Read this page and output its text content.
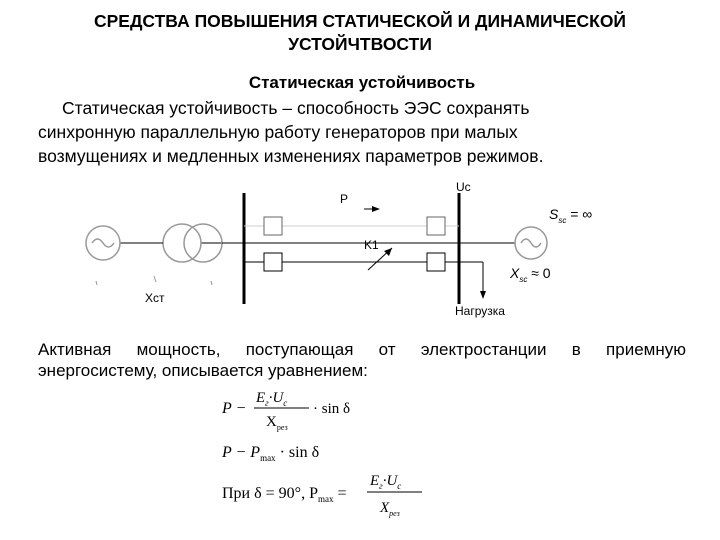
СРЕДСТВА ПОВЫШЕНИЯ СТАТИЧЕСКОЙ И ДИНАМИЧЕСКОЙ
УСТОЙЧТВОСТИ
Статическая устойчивость
Статическая устойчивость – способность ЭЭС сохранять
синхронную параллельную работу генераторов при малых
возмущениях и медленных изменениях параметров режимов.
P
Uc
K1
Xст
Нагрузка
$S_{sc}$ = ∞
$X_{sc} \approx 0$
Активная мощность, поступающая от электростанции в приемную
энергосистему, описывается уравнением:
P −
$E_г\cdot U_c$
$X_{рез}$
· sin δ
$P - P_{max} \cdot \sin \delta$
При δ = 90°, $P_{max}$ =
$E_г\cdot U_c$
$X_{рез}$
